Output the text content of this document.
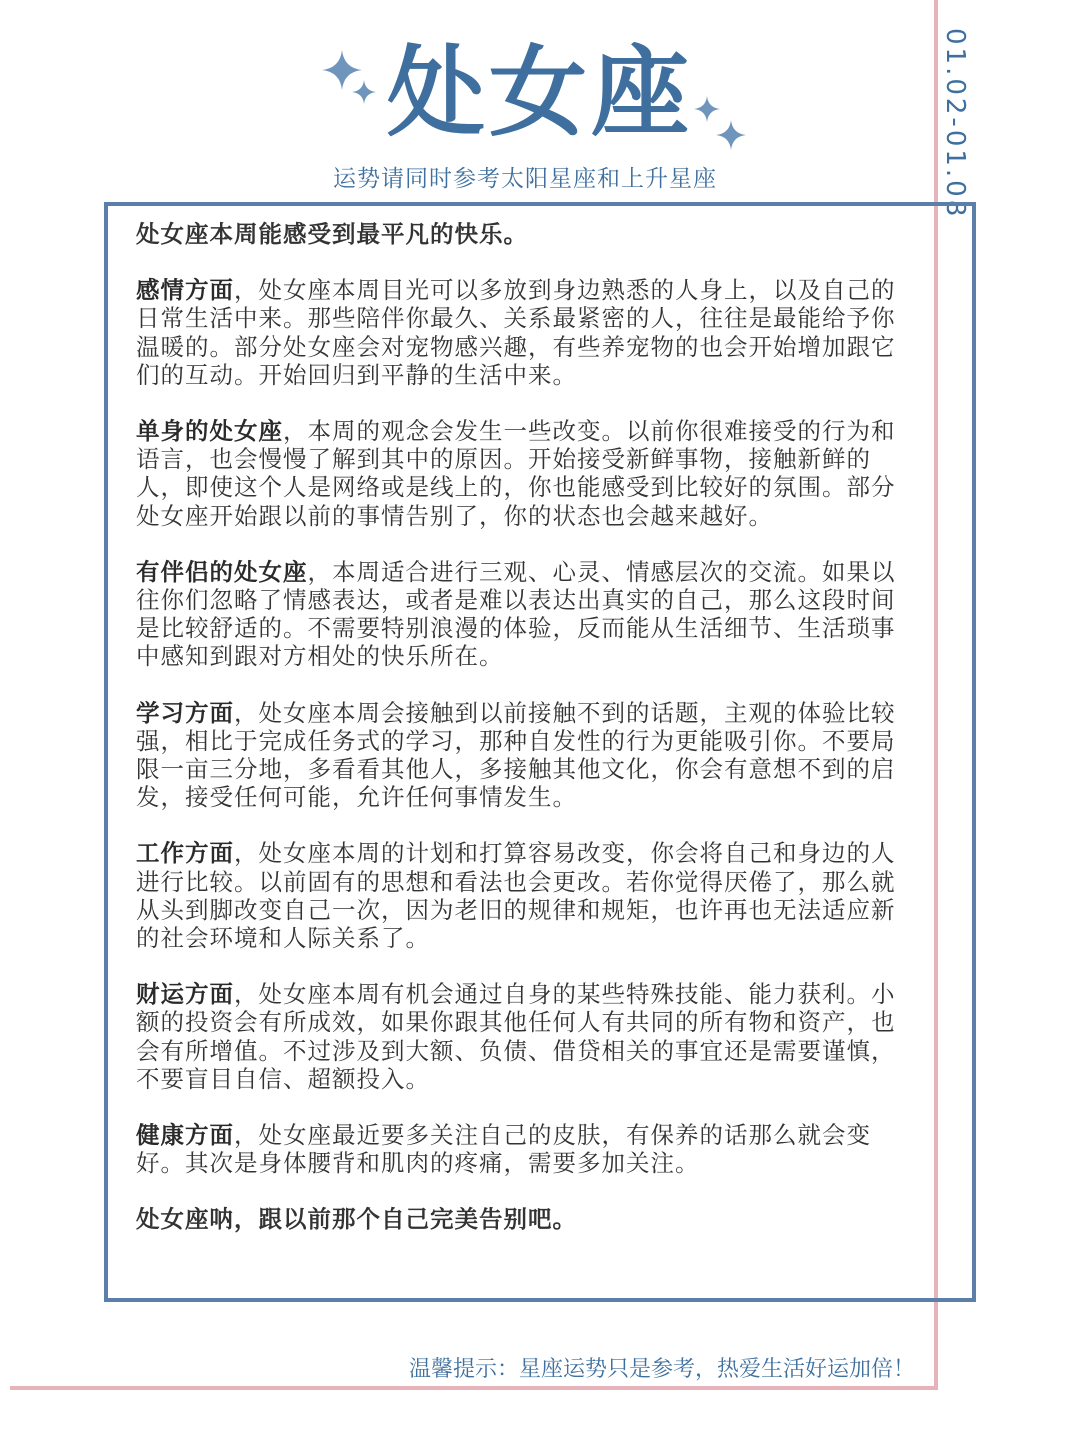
01.02-01.08
处女座
运势请同时参考太阳星座和上升星座

处女座本周能感受到最平凡的快乐。

感情方面，处女座本周目光可以多放到身边熟悉的人身上，以及自己的日常生活中来。那些陪伴你最久、关系最紧密的人，往往是最能给予你温暖的。部分处女座会对宠物感兴趣，有些养宠物的也会开始增加跟它们的互动。开始回归到平静的生活中来。

单身的处女座，本周的观念会发生一些改变。以前你很难接受的行为和语言，也会慢慢了解到其中的原因。开始接受新鲜事物，接触新鲜的人，即使这个人是网络或是线上的，你也能感受到比较好的氛围。部分处女座开始跟以前的事情告别了，你的状态也会越来越好。

有伴侣的处女座，本周适合进行三观、心灵、情感层次的交流。如果以往你们忽略了情感表达，或者是难以表达出真实的自己，那么这段时间是比较舒适的。不需要特别浪漫的体验，反而能从生活细节、生活琐事中感知到跟对方相处的快乐所在。

学习方面，处女座本周会接触到以前接触不到的话题，主观的体验比较强，相比于完成任务式的学习，那种自发性的行为更能吸引你。不要局限一亩三分地，多看看其他人，多接触其他文化，你会有意想不到的启发，接受任何可能，允许任何事情发生。

工作方面，处女座本周的计划和打算容易改变，你会将自己和身边的人进行比较。以前固有的思想和看法也会更改。若你觉得厌倦了，那么就从头到脚改变自己一次，因为老旧的规律和规矩，也许再也无法适应新的社会环境和人际关系了。

财运方面，处女座本周有机会通过自身的某些特殊技能、能力获利。小额的投资会有所成效，如果你跟其他任何人有共同的所有物和资产，也会有所增值。不过涉及到大额、负债、借贷相关的事宜还是需要谨慎，不要盲目自信、超额投入。

健康方面，处女座最近要多关注自己的皮肤，有保养的话那么就会变好。其次是身体腰背和肌肉的疼痛，需要多加关注。

处女座呐，跟以前那个自己完美告别吧。

温馨提示：星座运势只是参考，热爱生活好运加倍！
